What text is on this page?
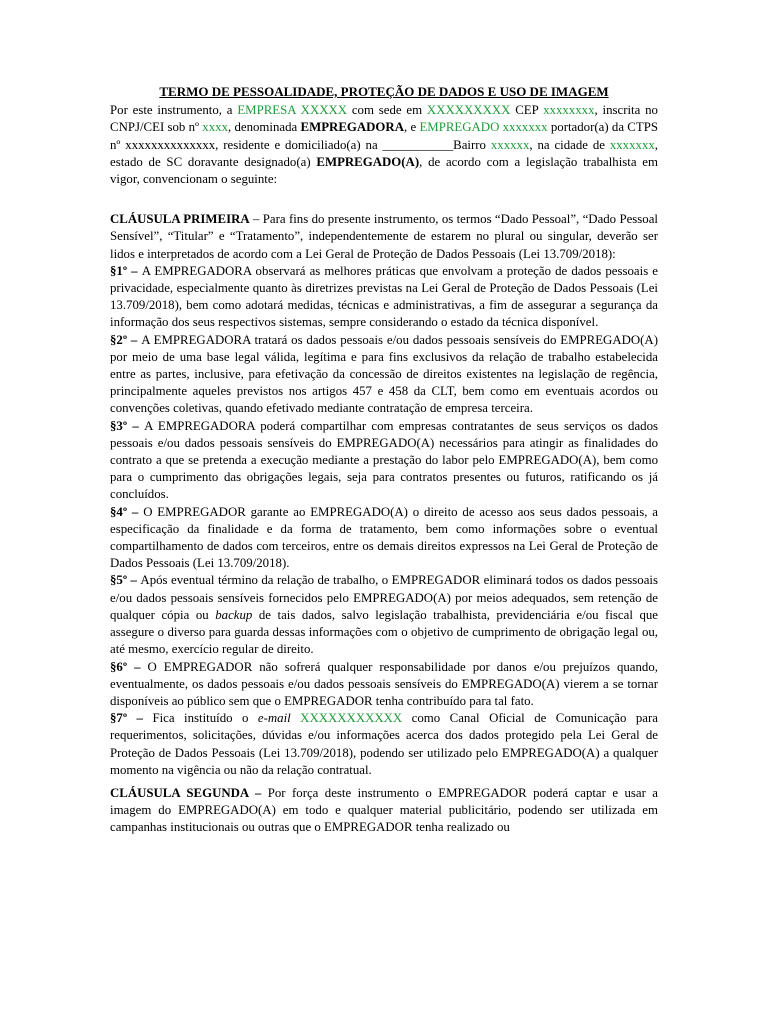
TERMO DE PESSOALIDADE, PROTEÇÃO DE DADOS E USO DE IMAGEM

Por este instrumento, a EMPRESA XXXXX com sede em XXXXXXXXX CEP xxxxxxxx, inscrita no CNPJ/CEI sob nº xxxx, denominada EMPREGADORA, e EMPREGADO xxxxxxx portador(a) da CTPS nº xxxxxxxxxxxxxx, residente e domiciliado(a) na ___________Bairro xxxxxx, na cidade de xxxxxxx, estado de SC doravante designado(a) EMPREGADO(A), de acordo com a legislação trabalhista em vigor, convencionam o seguinte:

CLÁUSULA PRIMEIRA – Para fins do presente instrumento, os termos “Dado Pessoal”, “Dado Pessoal Sensível”, “Titular” e “Tratamento”, independentemente de estarem no plural ou singular, deverão ser lidos e interpretados de acordo com a Lei Geral de Proteção de Dados Pessoais (Lei 13.709/2018):

§1º – A EMPREGADORA observará as melhores práticas que envolvam a proteção de dados pessoais e privacidade, especialmente quanto às diretrizes previstas na Lei Geral de Proteção de Dados Pessoais (Lei 13.709/2018), bem como adotará medidas, técnicas e administrativas, a fim de assegurar a segurança da informação dos seus respectivos sistemas, sempre considerando o estado da técnica disponível.

§2º – A EMPREGADORA tratará os dados pessoais e/ou dados pessoais sensíveis do EMPREGADO(A) por meio de uma base legal válida, legítima e para fins exclusivos da relação de trabalho estabelecida entre as partes, inclusive, para efetivação da concessão de direitos existentes na legislação de regência, principalmente aqueles previstos nos artigos 457 e 458 da CLT, bem como em eventuais acordos ou convenções coletivas, quando efetivado mediante contratação de empresa terceira.

§3º – A EMPREGADORA poderá compartilhar com empresas contratantes de seus serviços os dados pessoais e/ou dados pessoais sensíveis do EMPREGADO(A) necessários para atingir as finalidades do contrato a que se pretenda a execução mediante a prestação do labor pelo EMPREGADO(A), bem como para o cumprimento das obrigações legais, seja para contratos presentes ou futuros, ratificando os já concluídos.

§4º – O EMPREGADOR garante ao EMPREGADO(A) o direito de acesso aos seus dados pessoais, a especificação da finalidade e da forma de tratamento, bem como informações sobre o eventual compartilhamento de dados com terceiros, entre os demais direitos expressos na Lei Geral de Proteção de Dados Pessoais (Lei 13.709/2018).

§5º – Após eventual término da relação de trabalho, o EMPREGADOR eliminará todos os dados pessoais e/ou dados pessoais sensíveis fornecidos pelo EMPREGADO(A) por meios adequados, sem retenção de qualquer cópia ou backup de tais dados, salvo legislação trabalhista, previdenciária e/ou fiscal que assegure o diverso para guarda dessas informações com o objetivo de cumprimento de obrigação legal ou, até mesmo, exercício regular de direito.

§6º – O EMPREGADOR não sofrerá qualquer responsabilidade por danos e/ou prejuízos quando, eventualmente, os dados pessoais e/ou dados pessoais sensíveis do EMPREGADO(A) vierem a se tornar disponíveis ao público sem que o EMPREGADOR tenha contribuído para tal fato.

§7º – Fica instituído o e-mail XXXXXXXXXXX como Canal Oficial de Comunicação para requerimentos, solicitações, dúvidas e/ou informações acerca dos dados protegido pela Lei Geral de Proteção de Dados Pessoais (Lei 13.709/2018), podendo ser utilizado pelo EMPREGADO(A) a qualquer momento na vigência ou não da relação contratual.

CLÁUSULA SEGUNDA – Por força deste instrumento o EMPREGADOR poderá captar e usar a imagem do EMPREGADO(A) em todo e qualquer material publicitário, podendo ser utilizada em campanhas institucionais ou outras que o EMPREGADOR tenha realizado ou
